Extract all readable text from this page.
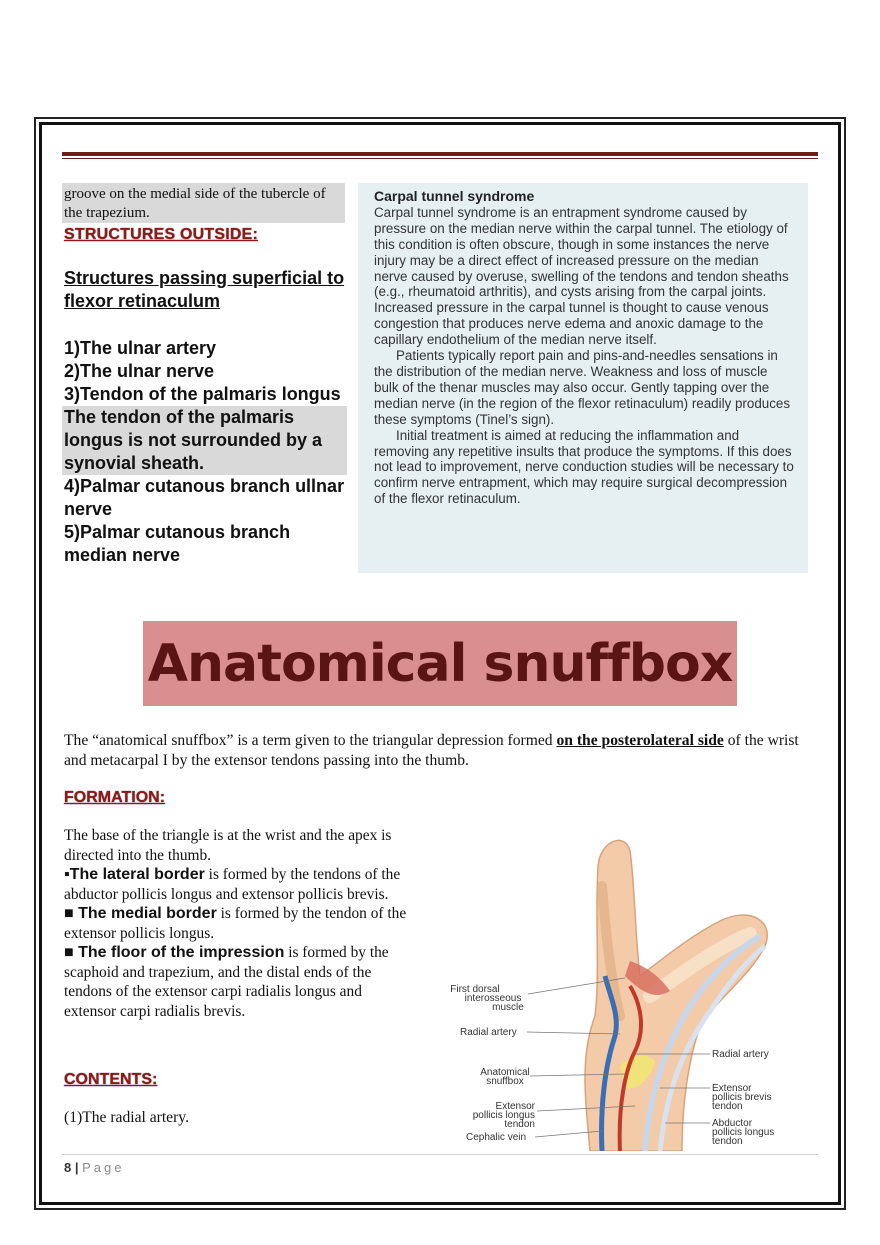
groove on the medial side of the tubercle of the trapezium.
STRUCTURES OUTSIDE:
Structures passing superficial to flexor retinaculum
1)The ulnar artery
2)The ulnar nerve
3)Tendon of the palmaris longus
The tendon of the palmaris longus is not surrounded by a synovial sheath.
4)Palmar cutanous branch ullnar nerve
5)Palmar cutanous branch median nerve
Carpal tunnel syndrome

Carpal tunnel syndrome is an entrapment syndrome caused by pressure on the median nerve within the carpal tunnel. The etiology of this condition is often obscure, though in some instances the nerve injury may be a direct effect of increased pressure on the median nerve caused by overuse, swelling of the tendons and tendon sheaths (e.g., rheumatoid arthritis), and cysts arising from the carpal joints. Increased pressure in the carpal tunnel is thought to cause venous congestion that produces nerve edema and anoxic damage to the capillary endothelium of the median nerve itself.

Patients typically report pain and pins-and-needles sensations in the distribution of the median nerve. Weakness and loss of muscle bulk of the thenar muscles may also occur. Gently tapping over the median nerve (in the region of the flexor retinaculum) readily produces these symptoms (Tinel’s sign).

Initial treatment is aimed at reducing the inflammation and removing any repetitive insults that produce the symptoms. If this does not lead to improvement, nerve conduction studies will be necessary to confirm nerve entrapment, which may require surgical decompression of the flexor retinaculum.

Anatomical snuffbox
The “anatomical snuffbox” is a term given to the triangular depression formed on the posterolateral side of the wrist and metacarpal I by the extensor tendons passing into the thumb.
FORMATION:
The base of the triangle is at the wrist and the apex is directed into the thumb.
▪The lateral border is formed by the tendons of the abductor pollicis longus and extensor pollicis brevis.
■ The medial border is formed by the tendon of the extensor pollicis longus.
■ The floor of the impression is formed by the scaphoid and trapezium, and the distal ends of the tendons of the extensor carpi radialis longus and extensor carpi radialis brevis.
CONTENTS:
(1)The radial artery.
First dorsal
interosseous
muscle
Radial artery
Anatomical
snuffbox
Extensor
pollicis longus
tendon
Cephalic vein
Radial artery
Extensor
pollicis brevis
tendon
Abductor
pollicis longus
tendon
8 | Page
